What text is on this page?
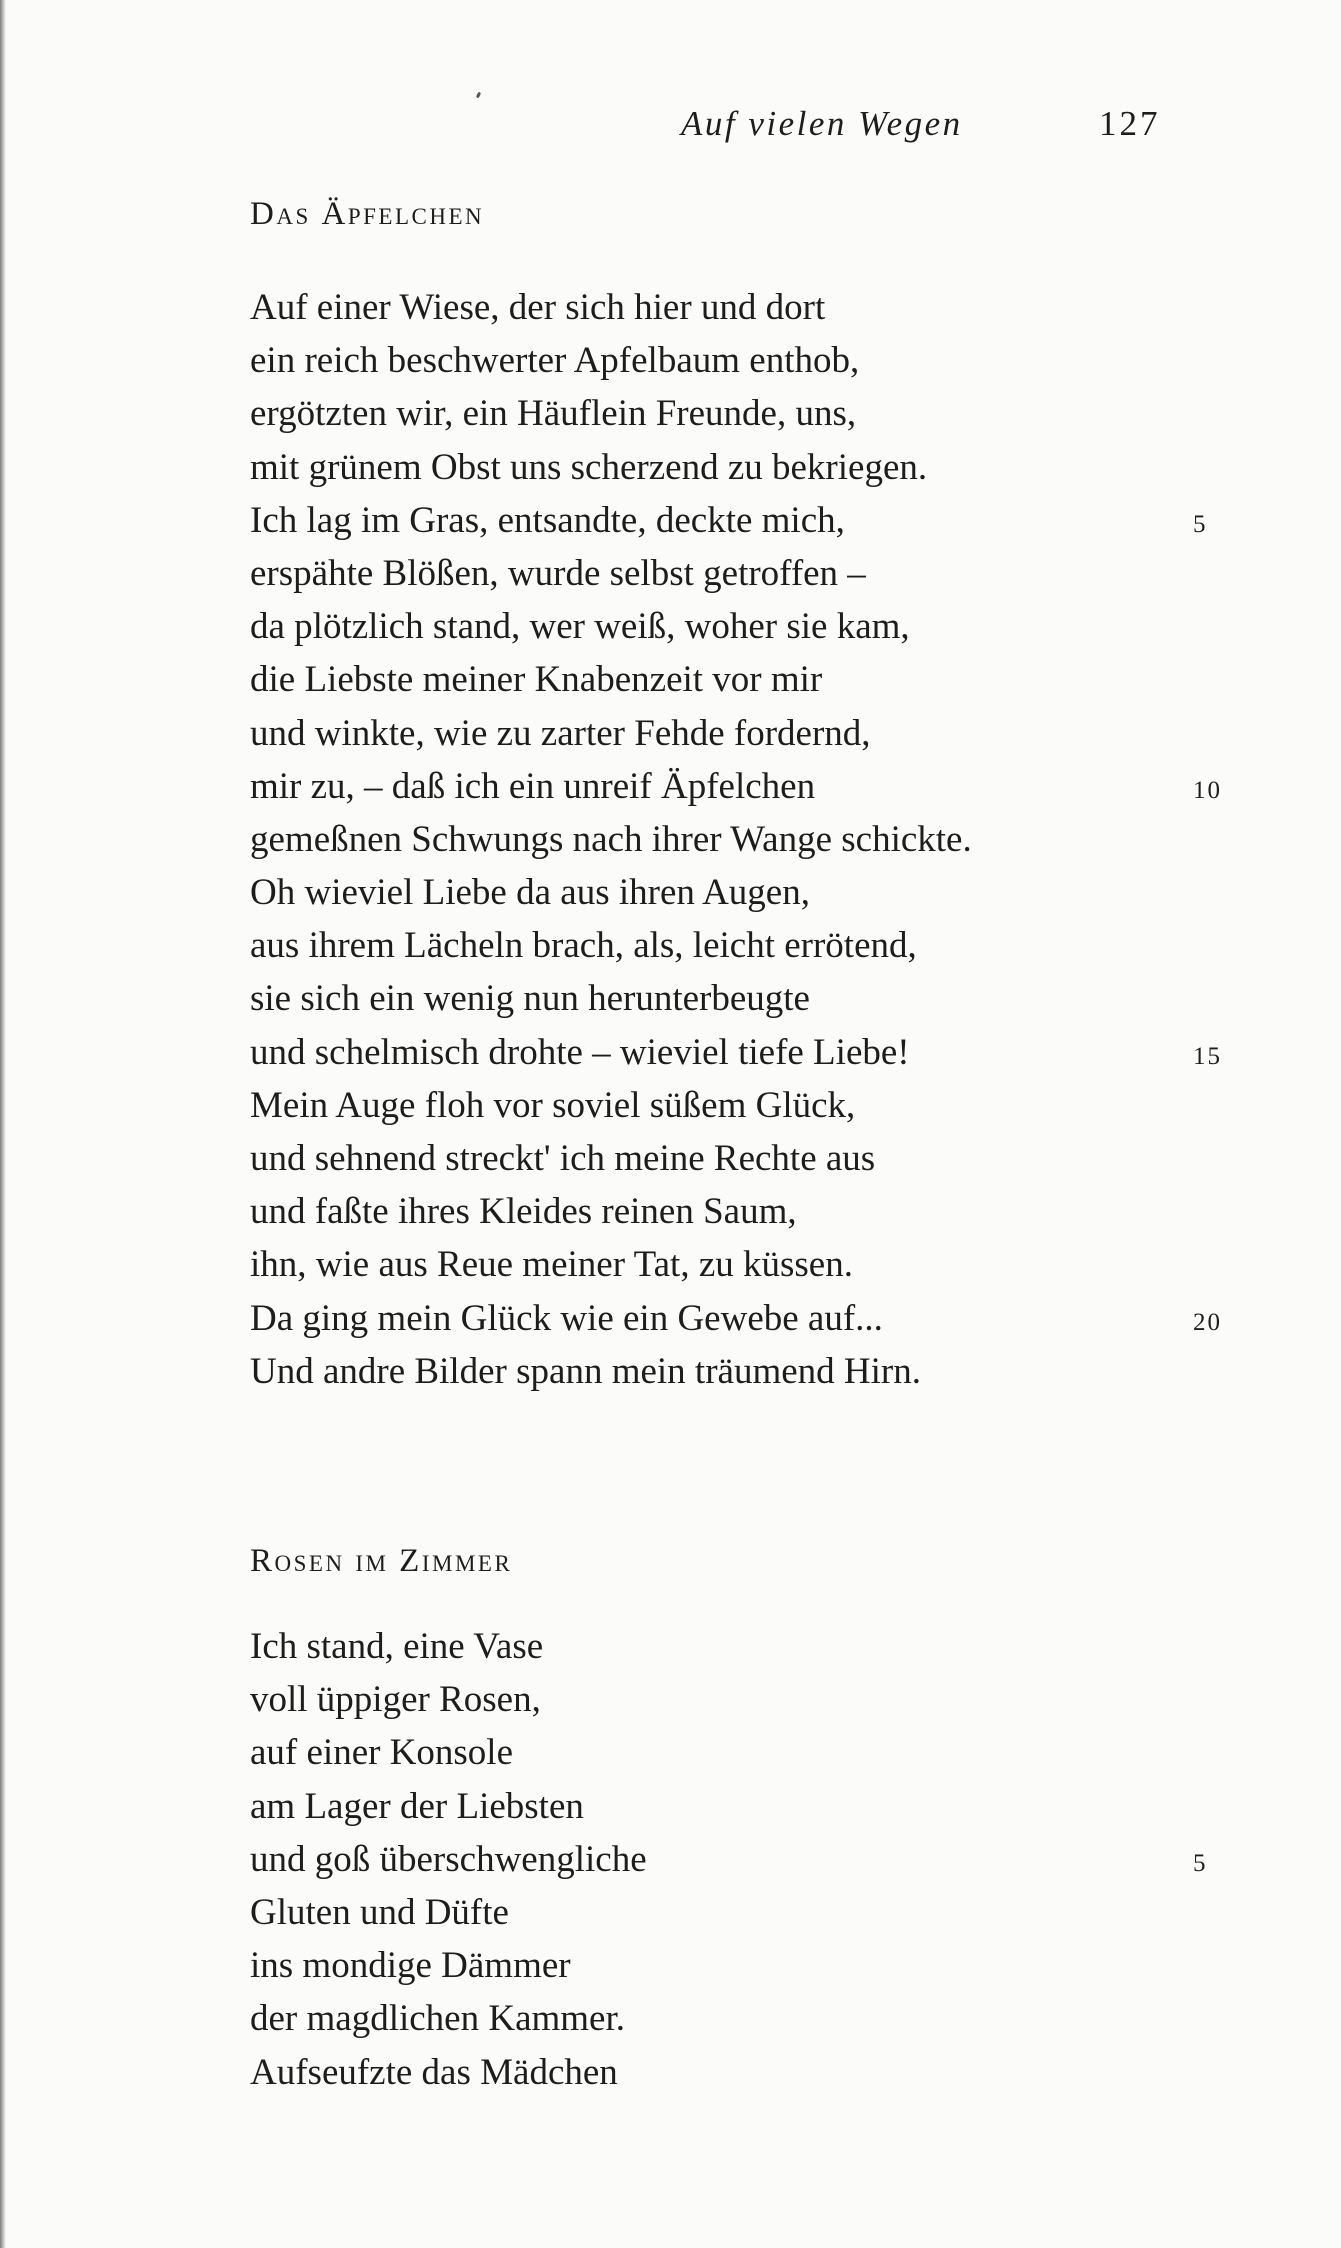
Auf vielen Wegen	127
Das Äpfelchen
Auf einer Wiese, der sich hier und dort
ein reich beschwerter Apfelbaum enthob,
ergötzten wir, ein Häuflein Freunde, uns,
mit grünem Obst uns scherzend zu bekriegen.
Ich lag im Gras, entsandte, deckte mich,	5
erspähte Blößen, wurde selbst getroffen –
da plötzlich stand, wer weiß, woher sie kam,
die Liebste meiner Knabenzeit vor mir
und winkte, wie zu zarter Fehde fordernd,
mir zu, – daß ich ein unreif Äpfelchen	10
gemeßnen Schwungs nach ihrer Wange schickte.
Oh wieviel Liebe da aus ihren Augen,
aus ihrem Lächeln brach, als, leicht errötend,
sie sich ein wenig nun herunterbeugte
und schelmisch drohte – wieviel tiefe Liebe!	15
Mein Auge floh vor soviel süßem Glück,
und sehnend streckt' ich meine Rechte aus
und faßte ihres Kleides reinen Saum,
ihn, wie aus Reue meiner Tat, zu küssen.
Da ging mein Glück wie ein Gewebe auf...	20
Und andre Bilder spann mein träumend Hirn.
Rosen im Zimmer
Ich stand, eine Vase
voll üppiger Rosen,
auf einer Konsole
am Lager der Liebsten
und goß überschwengliche	5
Gluten und Düfte
ins mondige Dämmer
der magdlichen Kammer.
Aufseufzte das Mädchen
